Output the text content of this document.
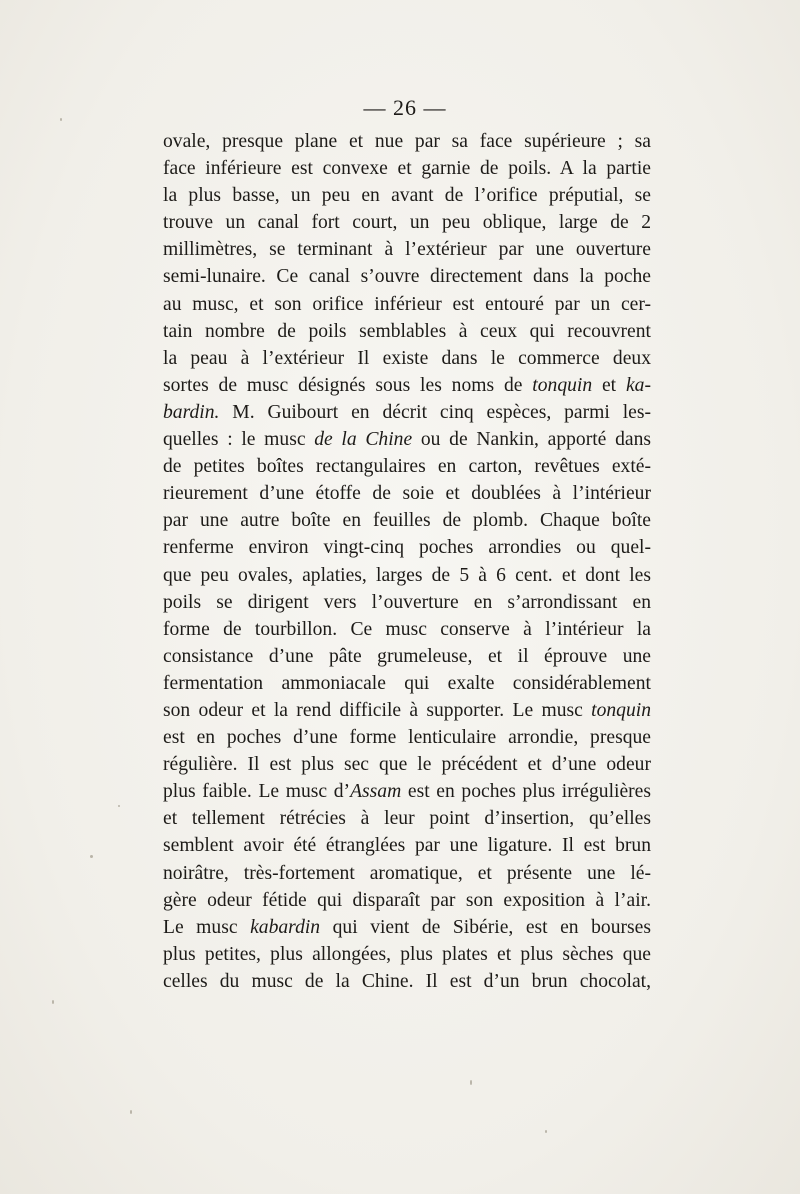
— 26 —
ovale, presque plane et nue par sa face supérieure ; sa
face inférieure est convexe et garnie de poils. A la partie
la plus basse, un peu en avant de l’orifice préputial, se
trouve un canal fort court, un peu oblique, large de 2
millimètres, se terminant à l’extérieur par une ouverture
semi-lunaire. Ce canal s’ouvre directement dans la poche
au musc, et son orifice inférieur est entouré par un cer-
tain nombre de poils semblables à ceux qui recouvrent
la peau à l’extérieur Il existe dans le commerce deux
sortes de musc désignés sous les noms de tonquin et ka-
bardin. M. Guibourt en décrit cinq espèces, parmi les-
quelles : le musc de la Chine ou de Nankin, apporté dans
de petites boîtes rectangulaires en carton, revêtues exté-
rieurement d’une étoffe de soie et doublées à l’intérieur
par une autre boîte en feuilles de plomb. Chaque boîte
renferme environ vingt-cinq poches arrondies ou quel-
que peu ovales, aplaties, larges de 5 à 6 cent. et dont les
poils se dirigent vers l’ouverture en s’arrondissant en
forme de tourbillon. Ce musc conserve à l’intérieur la
consistance d’une pâte grumeleuse, et il éprouve une
fermentation ammoniacale qui exalte considérablement
son odeur et la rend difficile à supporter. Le musc tonquin
est en poches d’une forme lenticulaire arrondie, presque
régulière. Il est plus sec que le précédent et d’une odeur
plus faible. Le musc d’Assam est en poches plus irrégulières
et tellement rétrécies à leur point d’insertion, qu’elles
semblent avoir été étranglées par une ligature. Il est brun
noirâtre, très-fortement aromatique, et présente une lé-
gère odeur fétide qui disparaît par son exposition à l’air.
Le musc kabardin qui vient de Sibérie, est en bourses
plus petites, plus allongées, plus plates et plus sèches que
celles du musc de la Chine. Il est d’un brun chocolat,
